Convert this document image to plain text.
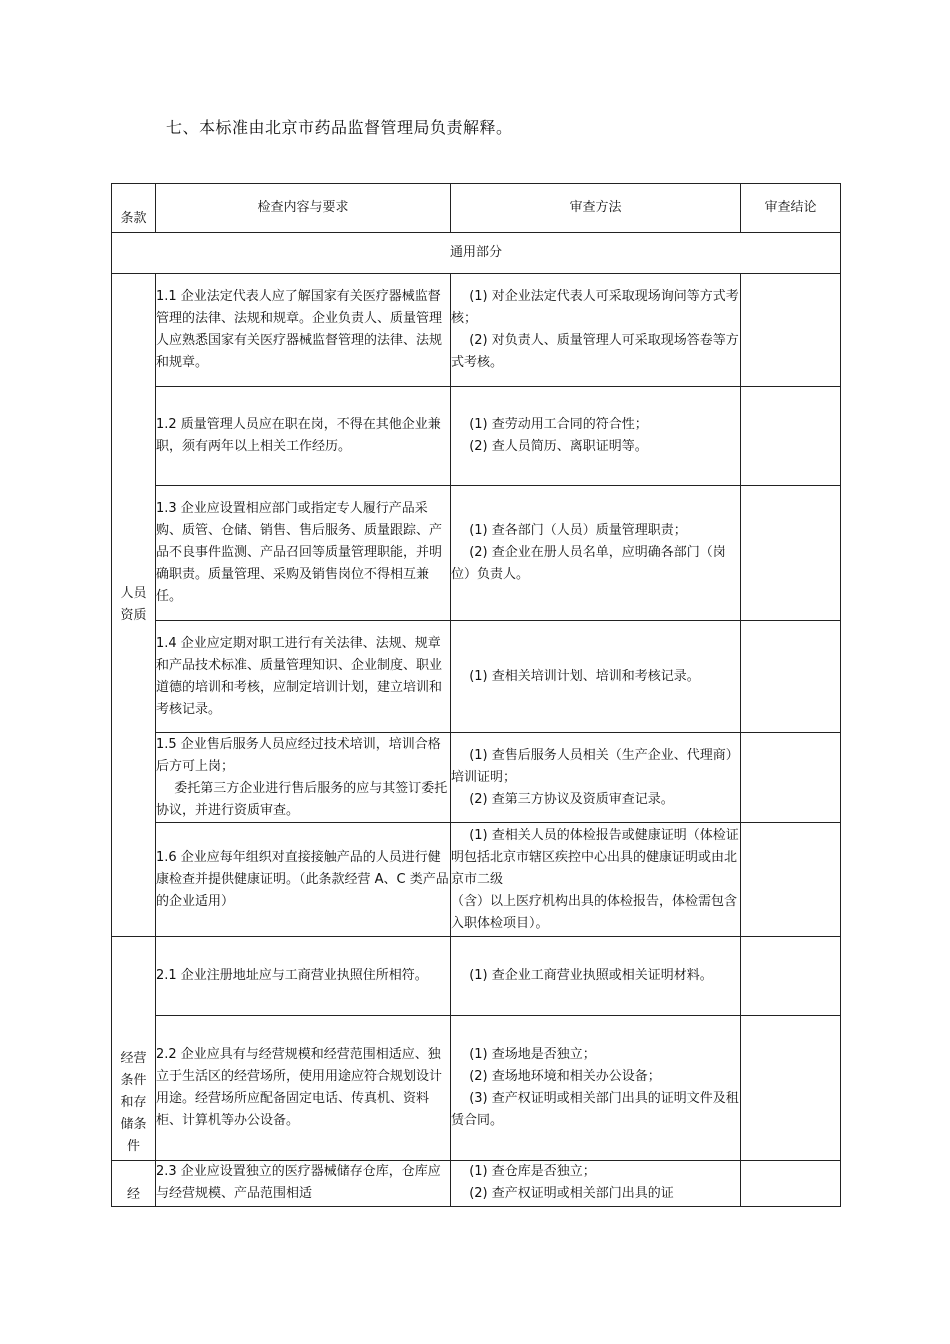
七、本标准由北京市药品监督管理局负责解释。
条款	检查内容与要求	审查方法	审查结论
通用部分			

人员
资质	1.1 企业法定代表人应了解国家有关医疗器械监督管理的法律、法规和规章。企业负责人、质量管理人应熟悉国家有关医疗器械监督管理的法律、法规和规章。	(1) 对企业法定代表人可采取现场询问等方式考核；
(2) 对负责人、质量管理人可采取现场答卷等方式考核。	

	1.2 质量管理人员应在职在岗，不得在其他企业兼职，须有两年以上相关工作经历。	(1) 查劳动用工合同的符合性；
(2) 查人员简历、离职证明等。	

	1.3 企业应设置相应部门或指定专人履行产品采购、质管、仓储、销售、售后服务、质量跟踪、产品不良事件监测、产品召回等质量管理职能，并明确职责。质量管理、采购及销售岗位不得相互兼任。	(1) 查各部门（人员）质量管理职责；
(2) 查企业在册人员名单，应明确各部门（岗位）负责人。	

	1.4 企业应定期对职工进行有关法律、法规、规章和产品技术标准、质量管理知识、企业制度、职业道德的培训和考核，应制定培训计划，建立培训和考核记录。	(1) 查相关培训计划、培训和考核记录。	

	1.5 企业售后服务人员应经过技术培训，培训合格后方可上岗；
委托第三方企业进行售后服务的应与其签订委托协议，并进行资质审查。	(1) 查售后服务人员相关（生产企业、代理商）培训证明；
(2) 查第三方协议及资质审查记录。	

	1.6 企业应每年组织对直接接触产品的人员进行健康检查并提供健康证明。（此条款经营 A、C 类产品的企业适用）	(1) 查相关人员的体检报告或健康证明（体检证明包括北京市辖区疾控中心出具的健康证明或由北京市二级
（含）以上医疗机构出具的体检报告，体检需包含入职体检项目）。	

经营
条件
和存
储条
件	2.1 企业注册地址应与工商营业执照住所相符。	(1) 查企业工商营业执照或相关证明材料。	

	2.2 企业应具有与经营规模和经营范围相适应、独立于生活区的经营场所，使用用途应符合规划设计用途。经营场所应配备固定电话、传真机、资料柜、计算机等办公设备。	(1) 查场地是否独立；
(2) 查场地环境和相关办公设备；
(3) 查产权证明或相关部门出具的证明文件及租赁合同。	

经	2.3 企业应设置独立的医疗器械储存仓库，仓库应与经营规模、产品范围相适	(1) 查仓库是否独立；
(2) 查产权证明或相关部门出具的证	
